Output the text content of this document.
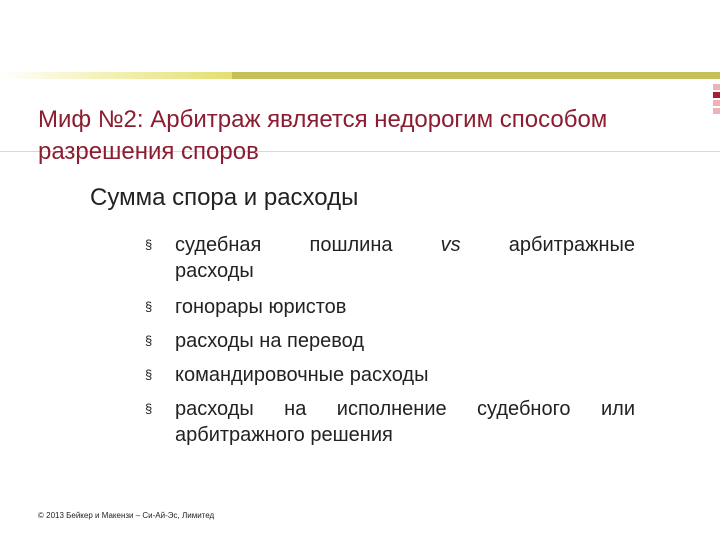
Миф №2: Арбитраж является недорогим способом разрешения споров
Сумма спора и расходы
§ судебная пошлина vs арбитражные
расходы
§ гонорары юристов
§ расходы на перевод
§ командировочные расходы
§ расходы на исполнение судебного или арбитражного решения
© 2013 Бейкер и Макензи – Си-Ай-Эс, Лимитед
